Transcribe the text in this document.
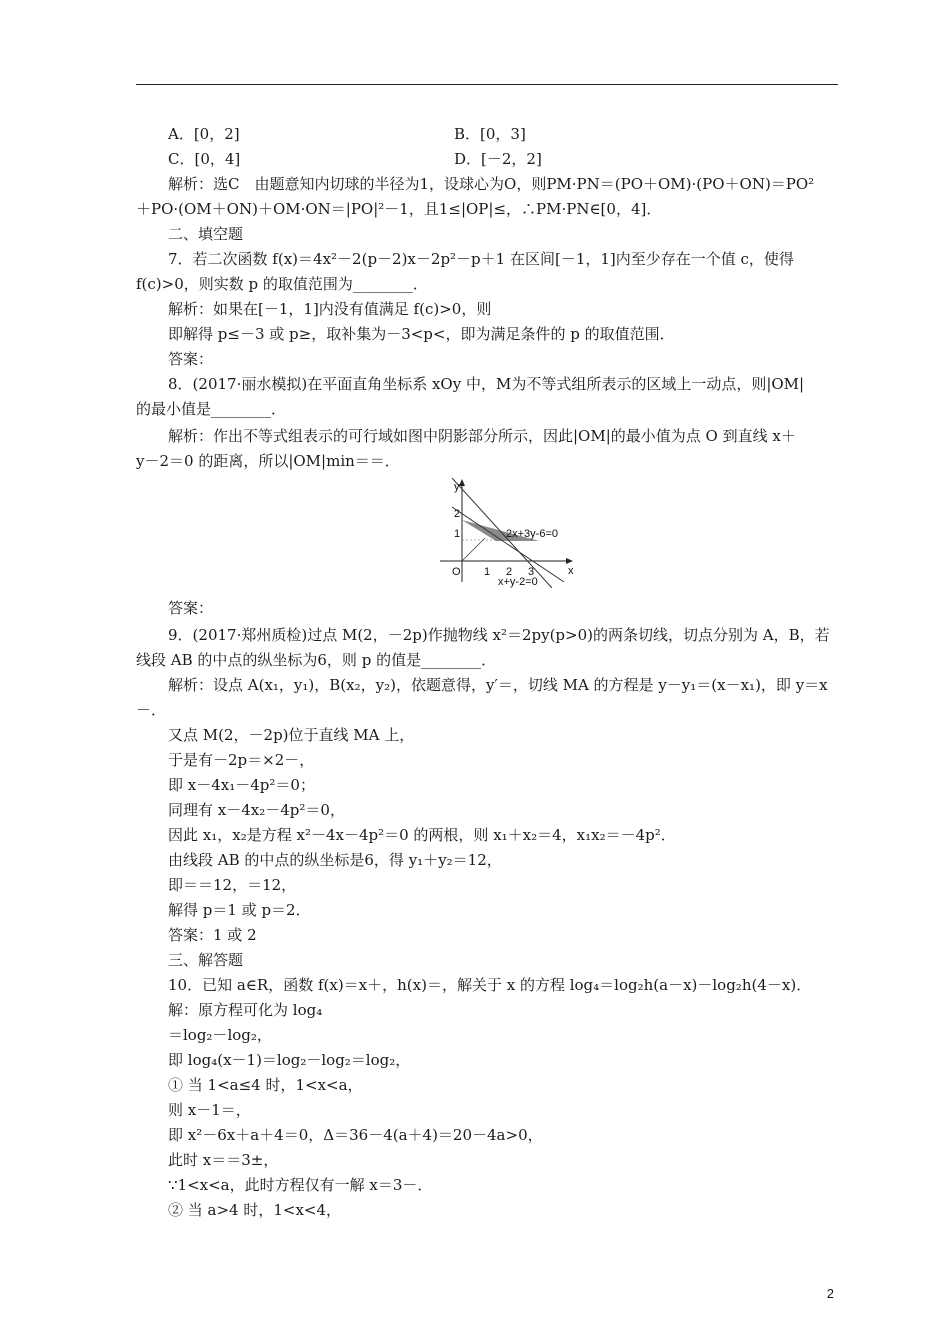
A．[0，2]	B．[0，3]
C．[0，4]	D．[－2，2]
解析：选C　由题意知内切球的半径为1，设球心为O，则PM·PN＝(PO＋OM)·(PO＋ON)＝PO²
＋PO·(OM＋ON)＋OM·ON＝|PO|²－1，且1≤|OP|≤，∴PM·PN∈[0，4]．
二、填空题
7．若二次函数 f(x)＝4x²－2(p－2)x－2p²－p＋1 在区间[－1，1]内至少存在一个值 c，使得
f(c)>0，则实数 p 的取值范围为________．
解析：如果在[－1，1]内没有值满足 f(c)>0，则
即解得 p≤－3 或 p≥，取补集为－3<p<，即为满足条件的 p 的取值范围．
答案：
8．(2017·丽水模拟)在平面直角坐标系 xOy 中，M为不等式组所表示的区域上一动点，则|OM|
的最小值是________．
解析：作出不等式组表示的可行域如图中阴影部分所示，因此|OM|的最小值为点 O 到直线 x＋
y－2＝0 的距离，所以|OM|min＝＝．
y
x
O 1 2 3
1
2
2x+3y-6=0
x+y-2=0
答案：
9．(2017·郑州质检)过点 M(2，－2p)作抛物线 x²＝2py(p>0)的两条切线，切点分别为 A，B，若
线段 AB 的中点的纵坐标为6，则 p 的值是________．
解析：设点 A(x₁，y₁)，B(x₂，y₂)，依题意得，y′＝，切线 MA 的方程是 y－y₁＝(x－x₁)，即 y＝x
－．
又点 M(2，－2p)位于直线 MA 上，
于是有－2p＝×2－，
即 x－4x₁－4p²＝0；
同理有 x－4x₂－4p²＝0，
因此 x₁，x₂是方程 x²－4x－4p²＝0 的两根，则 x₁＋x₂＝4，x₁x₂＝－4p²．
由线段 AB 的中点的纵坐标是6，得 y₁＋y₂＝12，
即＝＝12，＝12，
解得 p＝1 或 p＝2．
答案：1 或 2
三、解答题
10．已知 a∈R，函数 f(x)＝x＋，h(x)＝，解关于 x 的方程 log₄＝log₂h(a－x)－log₂h(4－x)．
解：原方程可化为 log₄
＝log₂－log₂，
即 log₄(x－1)＝log₂－log₂＝log₂，
① 当 1<a≤4 时，1<x<a，
则 x－1＝，
即 x²－6x＋a＋4＝0，Δ＝36－4(a＋4)＝20－4a>0，
此时 x＝＝3±，
∵1<x<a，此时方程仅有一解 x＝3－．
② 当 a>4 时，1<x<4，
2
